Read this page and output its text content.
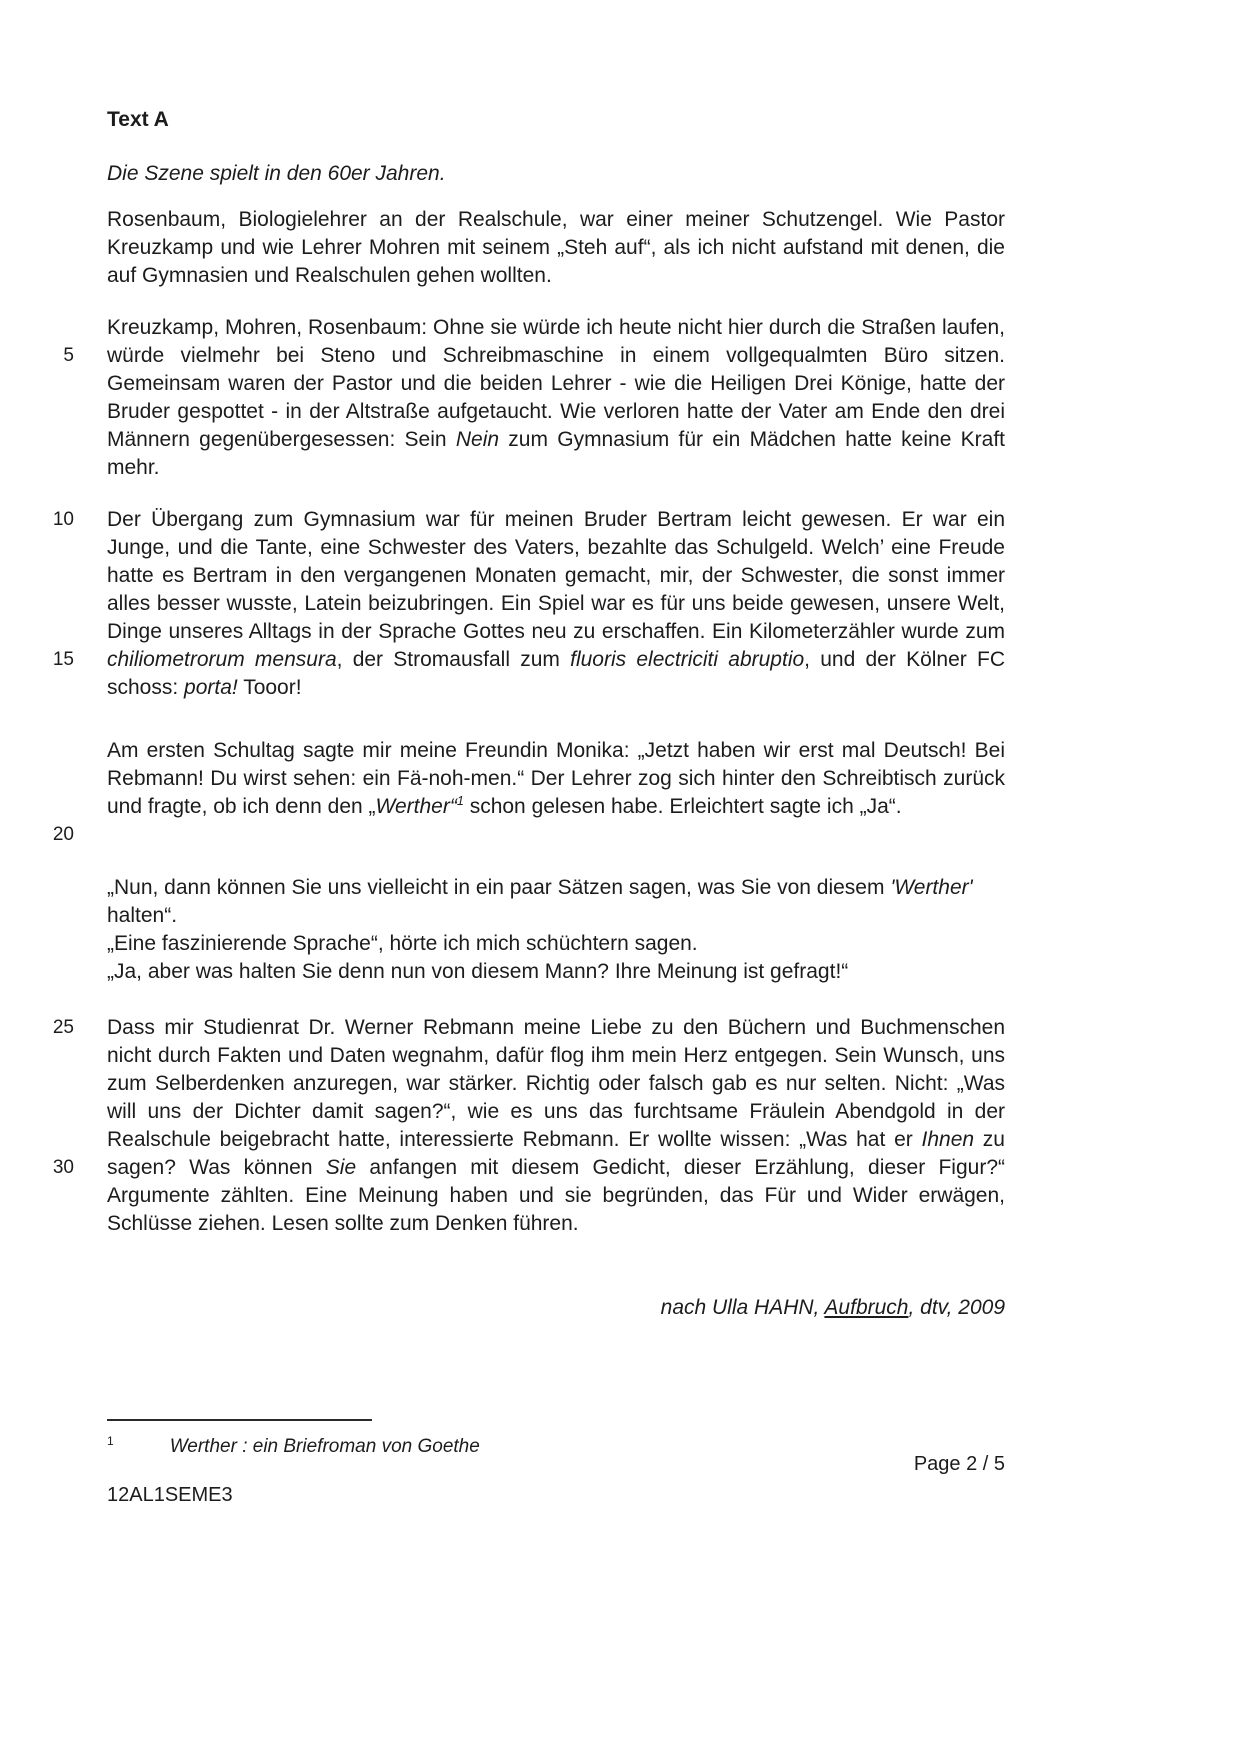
5
10
15
20
25
30
Text A
Die Szene spielt in den 60er Jahren.
Rosenbaum, Biologielehrer an der Realschule, war einer meiner Schutzengel. Wie Pastor Kreuzkamp und wie Lehrer Mohren mit seinem „Steh auf“, als ich nicht aufstand mit denen, die auf Gymnasien und Realschulen gehen wollten.
Kreuzkamp, Mohren, Rosenbaum: Ohne sie würde ich heute nicht hier durch die Straßen laufen, würde vielmehr bei Steno und Schreibmaschine in einem vollgequalmten Büro sitzen. Gemeinsam waren der Pastor und die beiden Lehrer - wie die Heiligen Drei Könige, hatte der Bruder gespottet - in der Altstraße aufgetaucht. Wie verloren hatte der Vater am Ende den drei Männern gegenübergesessen: Sein Nein zum Gymnasium für ein Mädchen hatte keine Kraft mehr.
Der Übergang zum Gymnasium war für meinen Bruder Bertram leicht gewesen. Er war ein Junge, und die Tante, eine Schwester des Vaters, bezahlte das Schulgeld. Welch’ eine Freude hatte es Bertram in den vergangenen Monaten gemacht, mir, der Schwester, die sonst immer alles besser wusste, Latein beizubringen. Ein Spiel war es für uns beide gewesen, unsere Welt, Dinge unseres Alltags in der Sprache Gottes neu zu erschaffen. Ein Kilometerzähler wurde zum chiliometrorum mensura, der Stromausfall zum fluoris electriciti abruptio, und der Kölner FC schoss: porta! Tooor!
Am ersten Schultag sagte mir meine Freundin Monika: „Jetzt haben wir erst mal Deutsch! Bei Rebmann! Du wirst sehen: ein Fä-noh-men.“ Der Lehrer zog sich hinter den Schreibtisch zurück und fragte, ob ich denn den „Werther“$^1$ schon gelesen habe. Erleichtert sagte ich „Ja“.
„Nun, dann können Sie uns vielleicht in ein paar Sätzen sagen, was Sie von diesem 'Werther' halten“.
„Eine faszinierende Sprache“, hörte ich mich schüchtern sagen.
„Ja, aber was halten Sie denn nun von diesem Mann? Ihre Meinung ist gefragt!“
Dass mir Studienrat Dr. Werner Rebmann meine Liebe zu den Büchern und Buchmenschen nicht durch Fakten und Daten wegnahm, dafür flog ihm mein Herz entgegen. Sein Wunsch, uns zum Selberdenken anzuregen, war stärker. Richtig oder falsch gab es nur selten. Nicht: „Was will uns der Dichter damit sagen?“, wie es uns das furchtsame Fräulein Abendgold in der Realschule beigebracht hatte, interessierte Rebmann. Er wollte wissen: „Was hat er Ihnen zu sagen? Was können Sie anfangen mit diesem Gedicht, dieser Erzählung, dieser Figur?“ Argumente zählten. Eine Meinung haben und sie begründen, das Für und Wider erwägen, Schlüsse ziehen. Lesen sollte zum Denken führen.
nach Ulla HAHN, Aufbruch, dtv, 2009
$^1$	Werther : ein Briefroman von Goethe
Page 2 / 5
12AL1SEME3
